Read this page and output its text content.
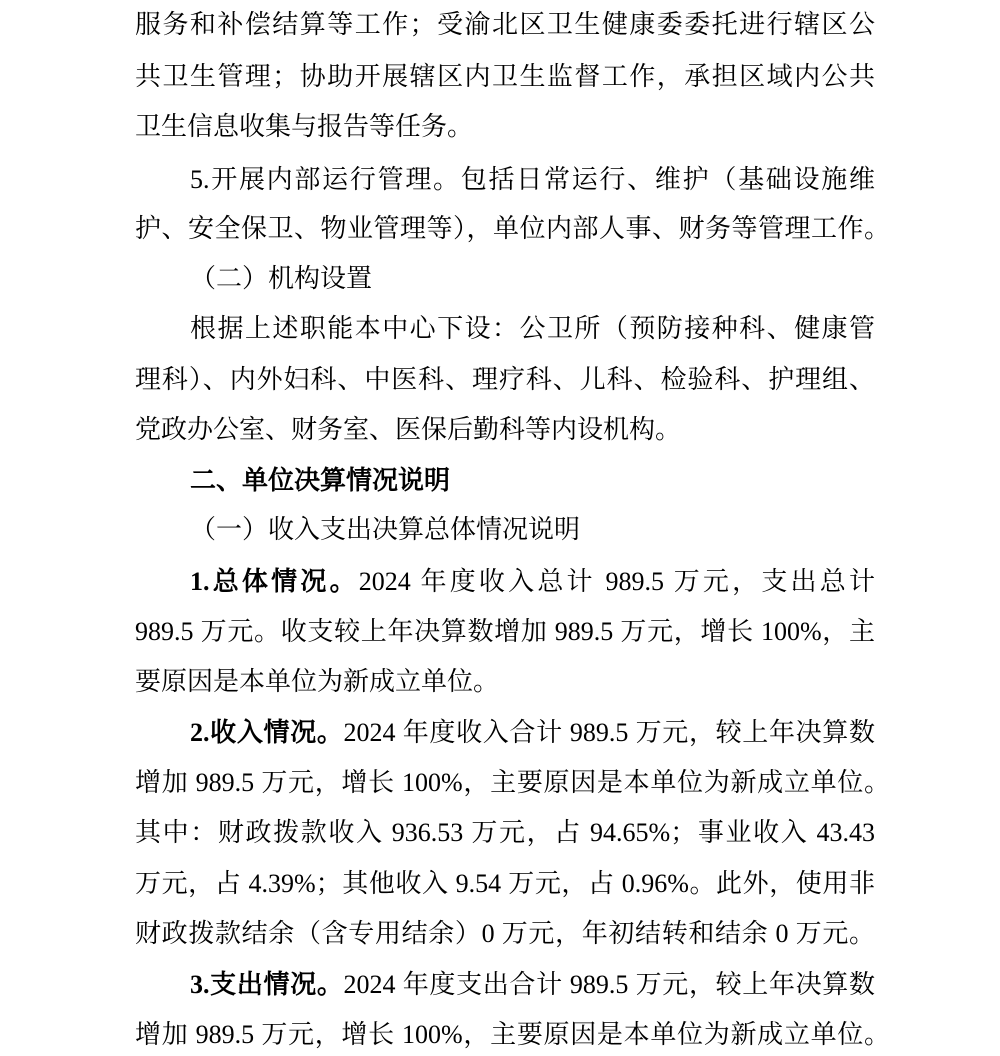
服务和补偿结算等工作；受渝北区卫生健康委委托进行辖区公
共卫生管理；协助开展辖区内卫生监督工作，承担区域内公共
卫生信息收集与报告等任务。
5.开展内部运行管理。包括日常运行、维护（基础设施维
护、安全保卫、物业管理等），单位内部人事、财务等管理工作。
（二）机构设置
根据上述职能本中心下设：公卫所（预防接种科、健康管
理科）、内外妇科、中医科、理疗科、儿科、检验科、护理组、
党政办公室、财务室、医保后勤科等内设机构。
二、单位决算情况说明
（一）收入支出决算总体情况说明
1.总体情况。2024 年度收入总计 989.5 万元，支出总计
989.5 万元。收支较上年决算数增加 989.5 万元，增长 100%，主
要原因是本单位为新成立单位。
2.收入情况。2024 年度收入合计 989.5 万元，较上年决算数
增加 989.5 万元，增长 100%，主要原因是本单位为新成立单位。
其中：财政拨款收入 936.53 万元，占 94.65%；事业收入 43.43
万元，占 4.39%；其他收入 9.54 万元，占 0.96%。此外，使用非
财政拨款结余（含专用结余）0 万元，年初结转和结余 0 万元。
3.支出情况。2024 年度支出合计 989.5 万元，较上年决算数
增加 989.5 万元，增长 100%，主要原因是本单位为新成立单位。
